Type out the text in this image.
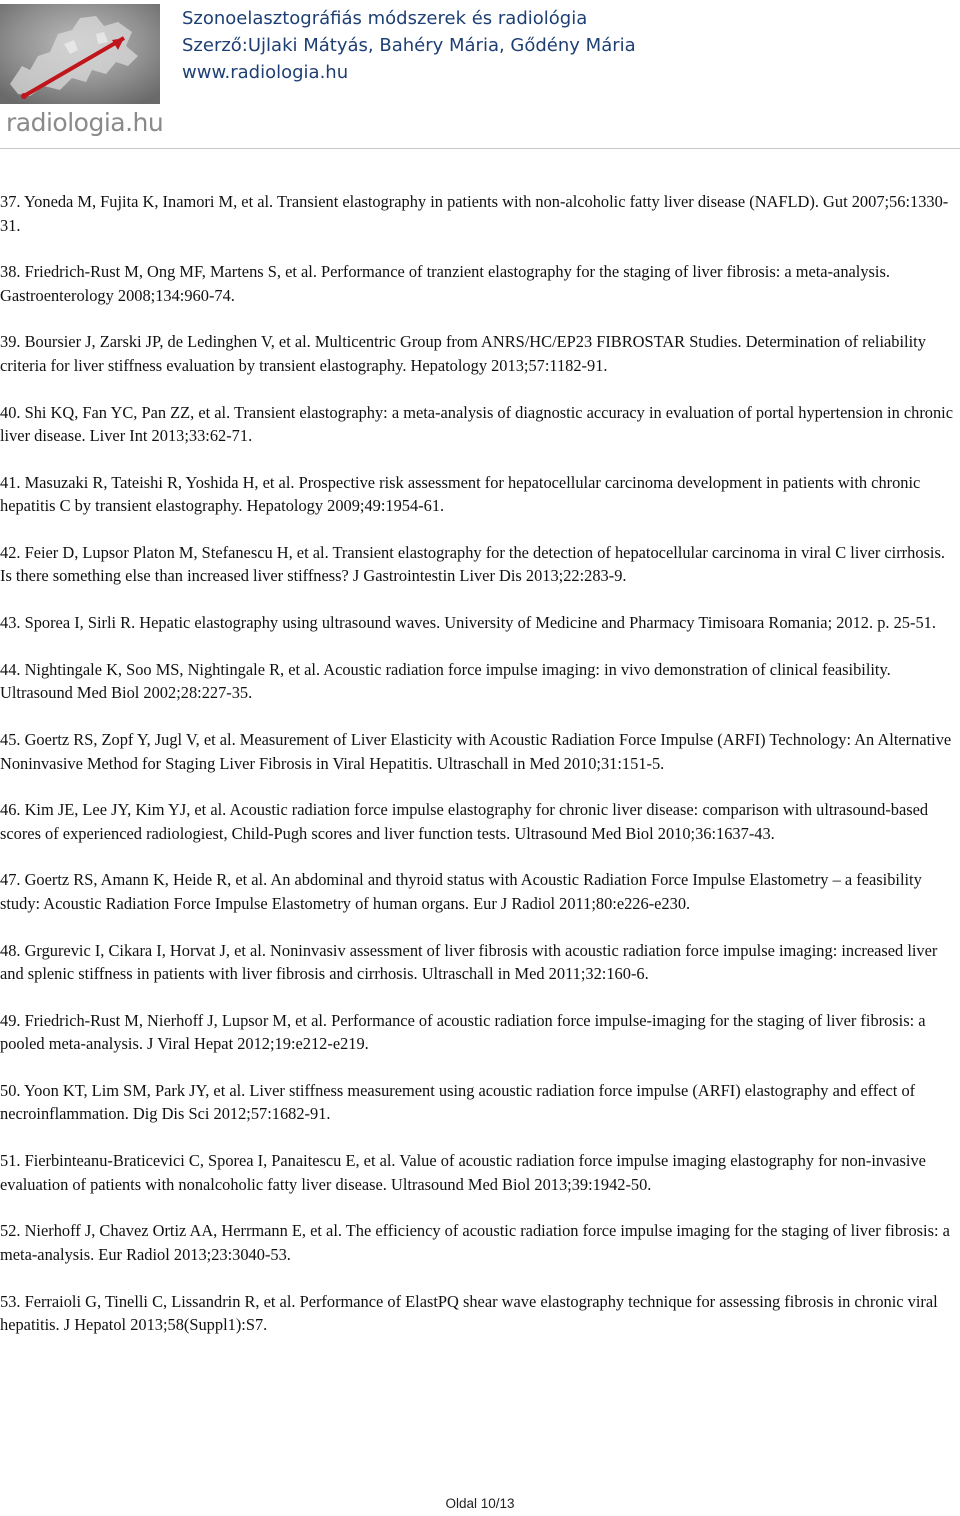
radiologia.hu
Szonoelasztográfiás módszerek és radiológia
Szerző:Ujlaki Mátyás, Bahéry Mária, Gődény Mária
www.radiologia.hu

37. Yoneda M, Fujita K, Inamori M, et al. Transient elastography in patients with non-alcoholic fatty liver disease (NAFLD). Gut 2007;56:1330-31.

38. Friedrich-Rust M, Ong MF, Martens S, et al. Performance of tranzient elastography for the staging of liver fibrosis: a meta-analysis. Gastroenterology 2008;134:960-74.

39. Boursier J, Zarski JP, de Ledinghen V, et al. Multicentric Group from ANRS/HC/EP23 FIBROSTAR Studies. Determination of reliability criteria for liver stiffness evaluation by transient elastography. Hepatology 2013;57:1182-91.

40. Shi KQ, Fan YC, Pan ZZ, et al. Transient elastography: a meta-analysis of diagnostic accuracy in evaluation of portal hypertension in chronic liver disease. Liver Int 2013;33:62-71.

41. Masuzaki R, Tateishi R, Yoshida H, et al. Prospective risk assessment for hepatocellular carcinoma development in patients with chronic hepatitis C by transient elastography. Hepatology 2009;49:1954-61.

42. Feier D, Lupsor Platon M, Stefanescu H, et al. Transient elastography for the detection of hepatocellular carcinoma in viral C liver cirrhosis. Is there something else than increased liver stiffness? J Gastrointestin Liver Dis 2013;22:283-9.

43. Sporea I, Sirli R. Hepatic elastography using ultrasound waves. University of Medicine and Pharmacy Timisoara Romania; 2012. p. 25-51.

44. Nightingale K, Soo MS, Nightingale R, et al. Acoustic radiation force impulse imaging: in vivo demonstration of clinical feasibility. Ultrasound Med Biol 2002;28:227-35.

45. Goertz RS, Zopf Y, Jugl V, et al. Measurement of Liver Elasticity with Acoustic Radiation Force Impulse (ARFI) Technology: An Alternative Noninvasive Method for Staging Liver Fibrosis in Viral Hepatitis. Ultraschall in Med 2010;31:151-5.

46. Kim JE, Lee JY, Kim YJ, et al. Acoustic radiation force impulse elastography for chronic liver disease: comparison with ultrasound-based scores of experienced radiologiest, Child-Pugh scores and liver function tests. Ultrasound Med Biol 2010;36:1637-43.

47. Goertz RS, Amann K, Heide R, et al. An abdominal and thyroid status with Acoustic Radiation Force Impulse Elastometry – a feasibility study: Acoustic Radiation Force Impulse Elastometry of human organs. Eur J Radiol 2011;80:e226-e230.

48. Grgurevic I, Cikara I, Horvat J, et al. Noninvasiv assessment of liver fibrosis with acoustic radiation force impulse imaging: increased liver and splenic stiffness in patients with liver fibrosis and cirrhosis. Ultraschall in Med 2011;32:160-6.

49. Friedrich-Rust M, Nierhoff J, Lupsor M, et al. Performance of acoustic radiation force impulse-imaging for the staging of liver fibrosis: a pooled meta-analysis. J Viral Hepat 2012;19:e212-e219.

50. Yoon KT, Lim SM, Park JY, et al. Liver stiffness measurement using acoustic radiation force impulse (ARFI) elastography and effect of necroinflammation. Dig Dis Sci 2012;57:1682-91.

51. Fierbinteanu-Braticevici C, Sporea I, Panaitescu E, et al. Value of acoustic radiation force impulse imaging elastography for non-invasive evaluation of patients with nonalcoholic fatty liver disease. Ultrasound Med Biol 2013;39:1942-50.

52. Nierhoff J, Chavez Ortiz AA, Herrmann E, et al. The efficiency of acoustic radiation force impulse imaging for the staging of liver fibrosis: a meta-analysis. Eur Radiol 2013;23:3040-53.

53. Ferraioli G, Tinelli C, Lissandrin R, et al. Performance of ElastPQ shear wave elastography technique for assessing fibrosis in chronic viral hepatitis. J Hepatol 2013;58(Suppl1):S7.

Oldal 10/13
